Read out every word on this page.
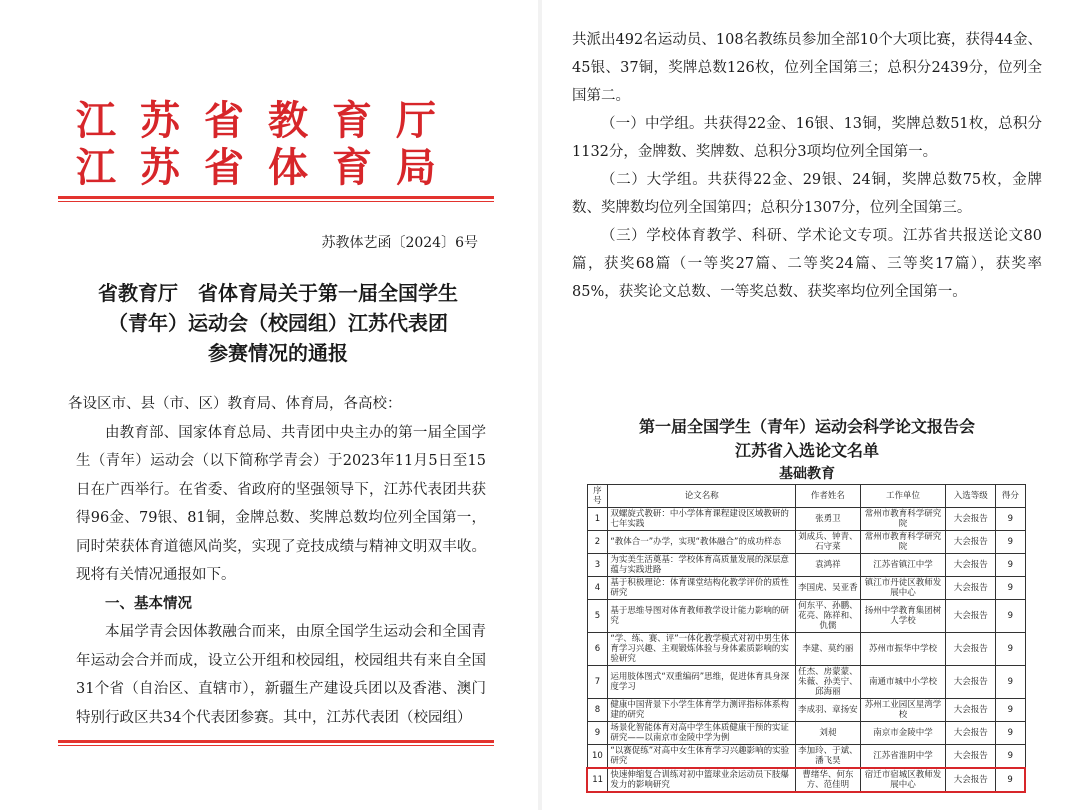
江苏省教育厅
江苏省体育局
苏教体艺函〔2024〕6号
省教育厅　省体育局关于第一届全国学生
（青年）运动会（校园组）江苏代表团
参赛情况的通报
各设区市、县（市、区）教育局、体育局，各高校：
由教育部、国家体育总局、共青团中央主办的第一届全国学生（青年）运动会（以下简称学青会）于2023年11月5日至15日在广西举行。在省委、省政府的坚强领导下，江苏代表团共获得96金、79银、81铜，金牌总数、奖牌总数均位列全国第一，同时荣获体育道德风尚奖，实现了竞技成绩与精神文明双丰收。现将有关情况通报如下。
一、基本情况
本届学青会因体教融合而来，由原全国学生运动会和全国青年运动会合并而成，设立公开组和校园组，校园组共有来自全国31个省（自治区、直辖市），新疆生产建设兵团以及香港、澳门特别行政区共34个代表团参赛。其中，江苏代表团（校园组）
共派出492名运动员、108名教练员参加全部10个大项比赛，获得44金、45银、37铜，奖牌总数126枚，位列全国第三；总积分2439分，位列全国第二。
（一）中学组。共获得22金、16银、13铜，奖牌总数51枚，总积分1132分，金牌数、奖牌数、总积分3项均位列全国第一。
（二）大学组。共获得22金、29银、24铜，奖牌总数75枚，金牌数、奖牌数均位列全国第四；总积分1307分，位列全国第三。
（三）学校体育教学、科研、学术论文专项。江苏省共报送论文80篇，获奖68篇（一等奖27篇、二等奖24篇、三等奖17篇），获奖率85%，获奖论文总数、一等奖总数、获奖率均位列全国第一。
第一届全国学生（青年）运动会科学论文报告会
江苏省入选论文名单
基础教育
序号	论文名称	作者姓名	工作单位	入选等级	得分
1	双螺旋式教研：中小学体育课程建设区域教研的七年实践	张勇卫	常州市教育科学研究院	大会报告	9
2	“教体合一”办学，实现“教体融合”的成功样态	刘成兵、钟青、石守菜	常州市教育科学研究院	大会报告	9
3	为实美生活奠基：学校体育高质量发展的深层意蕴与实践进路	袁鸿祥	江苏省镇江中学	大会报告	9
4	基于积极理论：体育课堂结构化教学评价的质性研究	李国虎、吴亚香	镇江市丹徒区教师发展中心	大会报告	9
5	基于思维导图对体育教师教学设计能力影响的研究	何东平、孙鹏、花亮、陈祥和、仇儒	扬州中学教育集团树人学校	大会报告	9
6	“学、练、赛、评”一体化教学模式对初中男生体育学习兴趣、主观锻炼体验与身体素质影响的实验研究	李建、莫约丽	苏州市振华中学校	大会报告	9
7	运用肢体图式“双重编码”思维，促进体育具身深度学习	任杰、房蒙蒙、朱薇、孙美宁、邱海丽	南通市城中小学校	大会报告	9
8	健康中国背景下小学生体育学力测评指标体系构建的研究	李成羽、章扬安	苏州工业园区星湾学校	大会报告	9
9	场景化智能体育对高中学生体质健康干预的实证研究——以南京市金陵中学为例	刘昶	南京市金陵中学	大会报告	9
10	“以赛促练”对高中女生体育学习兴趣影响的实验研究	李加玲、于斌、潘飞昊	江苏省淮阴中学	大会报告	9
11	快速伸缩复合训练对初中篮球业余运动员下肢爆发力的影响研究	曹绪华、何东方、范佳明	宿迁市宿城区教师发展中心	大会报告	9
